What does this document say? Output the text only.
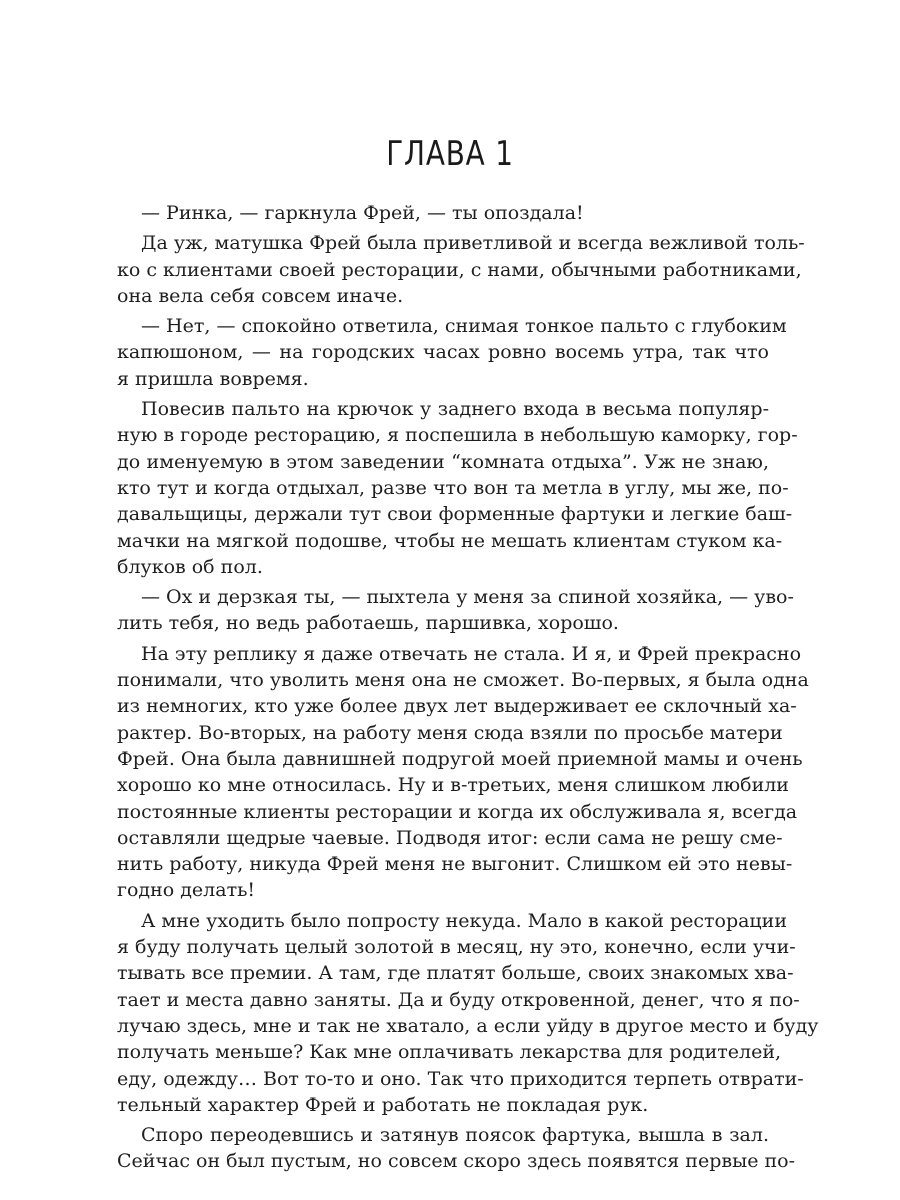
ГЛАВА 1
— Ринка, — гаркнула Фрей, — ты опоздала!
Да уж, матушка Фрей была приветливой и всегда вежливой толь-
ко с клиентами своей ресторации, с нами, обычными работниками,
она вела себя совсем иначе.
— Нет, — спокойно ответила, снимая тонкое пальто с глубоким
капюшоном, — на городских часах ровно восемь утра, так что
я пришла вовремя.
Повесив пальто на крючок у заднего входа в весьма популяр-
ную в городе ресторацию, я поспешила в небольшую каморку, гор-
до именуемую в этом заведении “комната отдыха”. Уж не знаю,
кто тут и когда отдыхал, разве что вон та метла в углу, мы же, по-
давальщицы, держали тут свои форменные фартуки и легкие баш-
мачки на мягкой подошве, чтобы не мешать клиентам стуком ка-
блуков об пол.
— Ох и дерзкая ты, — пыхтела у меня за спиной хозяйка, — уво-
лить тебя, но ведь работаешь, паршивка, хорошо.
На эту реплику я даже отвечать не стала. И я, и Фрей прекрасно
понимали, что уволить меня она не сможет. Во-первых, я была одна
из немногих, кто уже более двух лет выдерживает ее склочный ха-
рактер. Во-вторых, на работу меня сюда взяли по просьбе матери
Фрей. Она была давнишней подругой моей приемной мамы и очень
хорошо ко мне относилась. Ну и в-третьих, меня слишком любили
постоянные клиенты ресторации и когда их обслуживала я, всегда
оставляли щедрые чаевые. Подводя итог: если сама не решу сме-
нить работу, никуда Фрей меня не выгонит. Слишком ей это невы-
годно делать!
А мне уходить было попросту некуда. Мало в какой ресторации
я буду получать целый золотой в месяц, ну это, конечно, если учи-
тывать все премии. А там, где платят больше, своих знакомых хва-
тает и места давно заняты. Да и буду откровенной, денег, что я по-
лучаю здесь, мне и так не хватало, а если уйду в другое место и буду
получать меньше? Как мне оплачивать лекарства для родителей,
еду, одежду… Вот то-то и оно. Так что приходится терпеть отврати-
тельный характер Фрей и работать не покладая рук.
Споро переодевшись и затянув поясок фартука, вышла в зал.
Сейчас он был пустым, но совсем скоро здесь появятся первые по-
